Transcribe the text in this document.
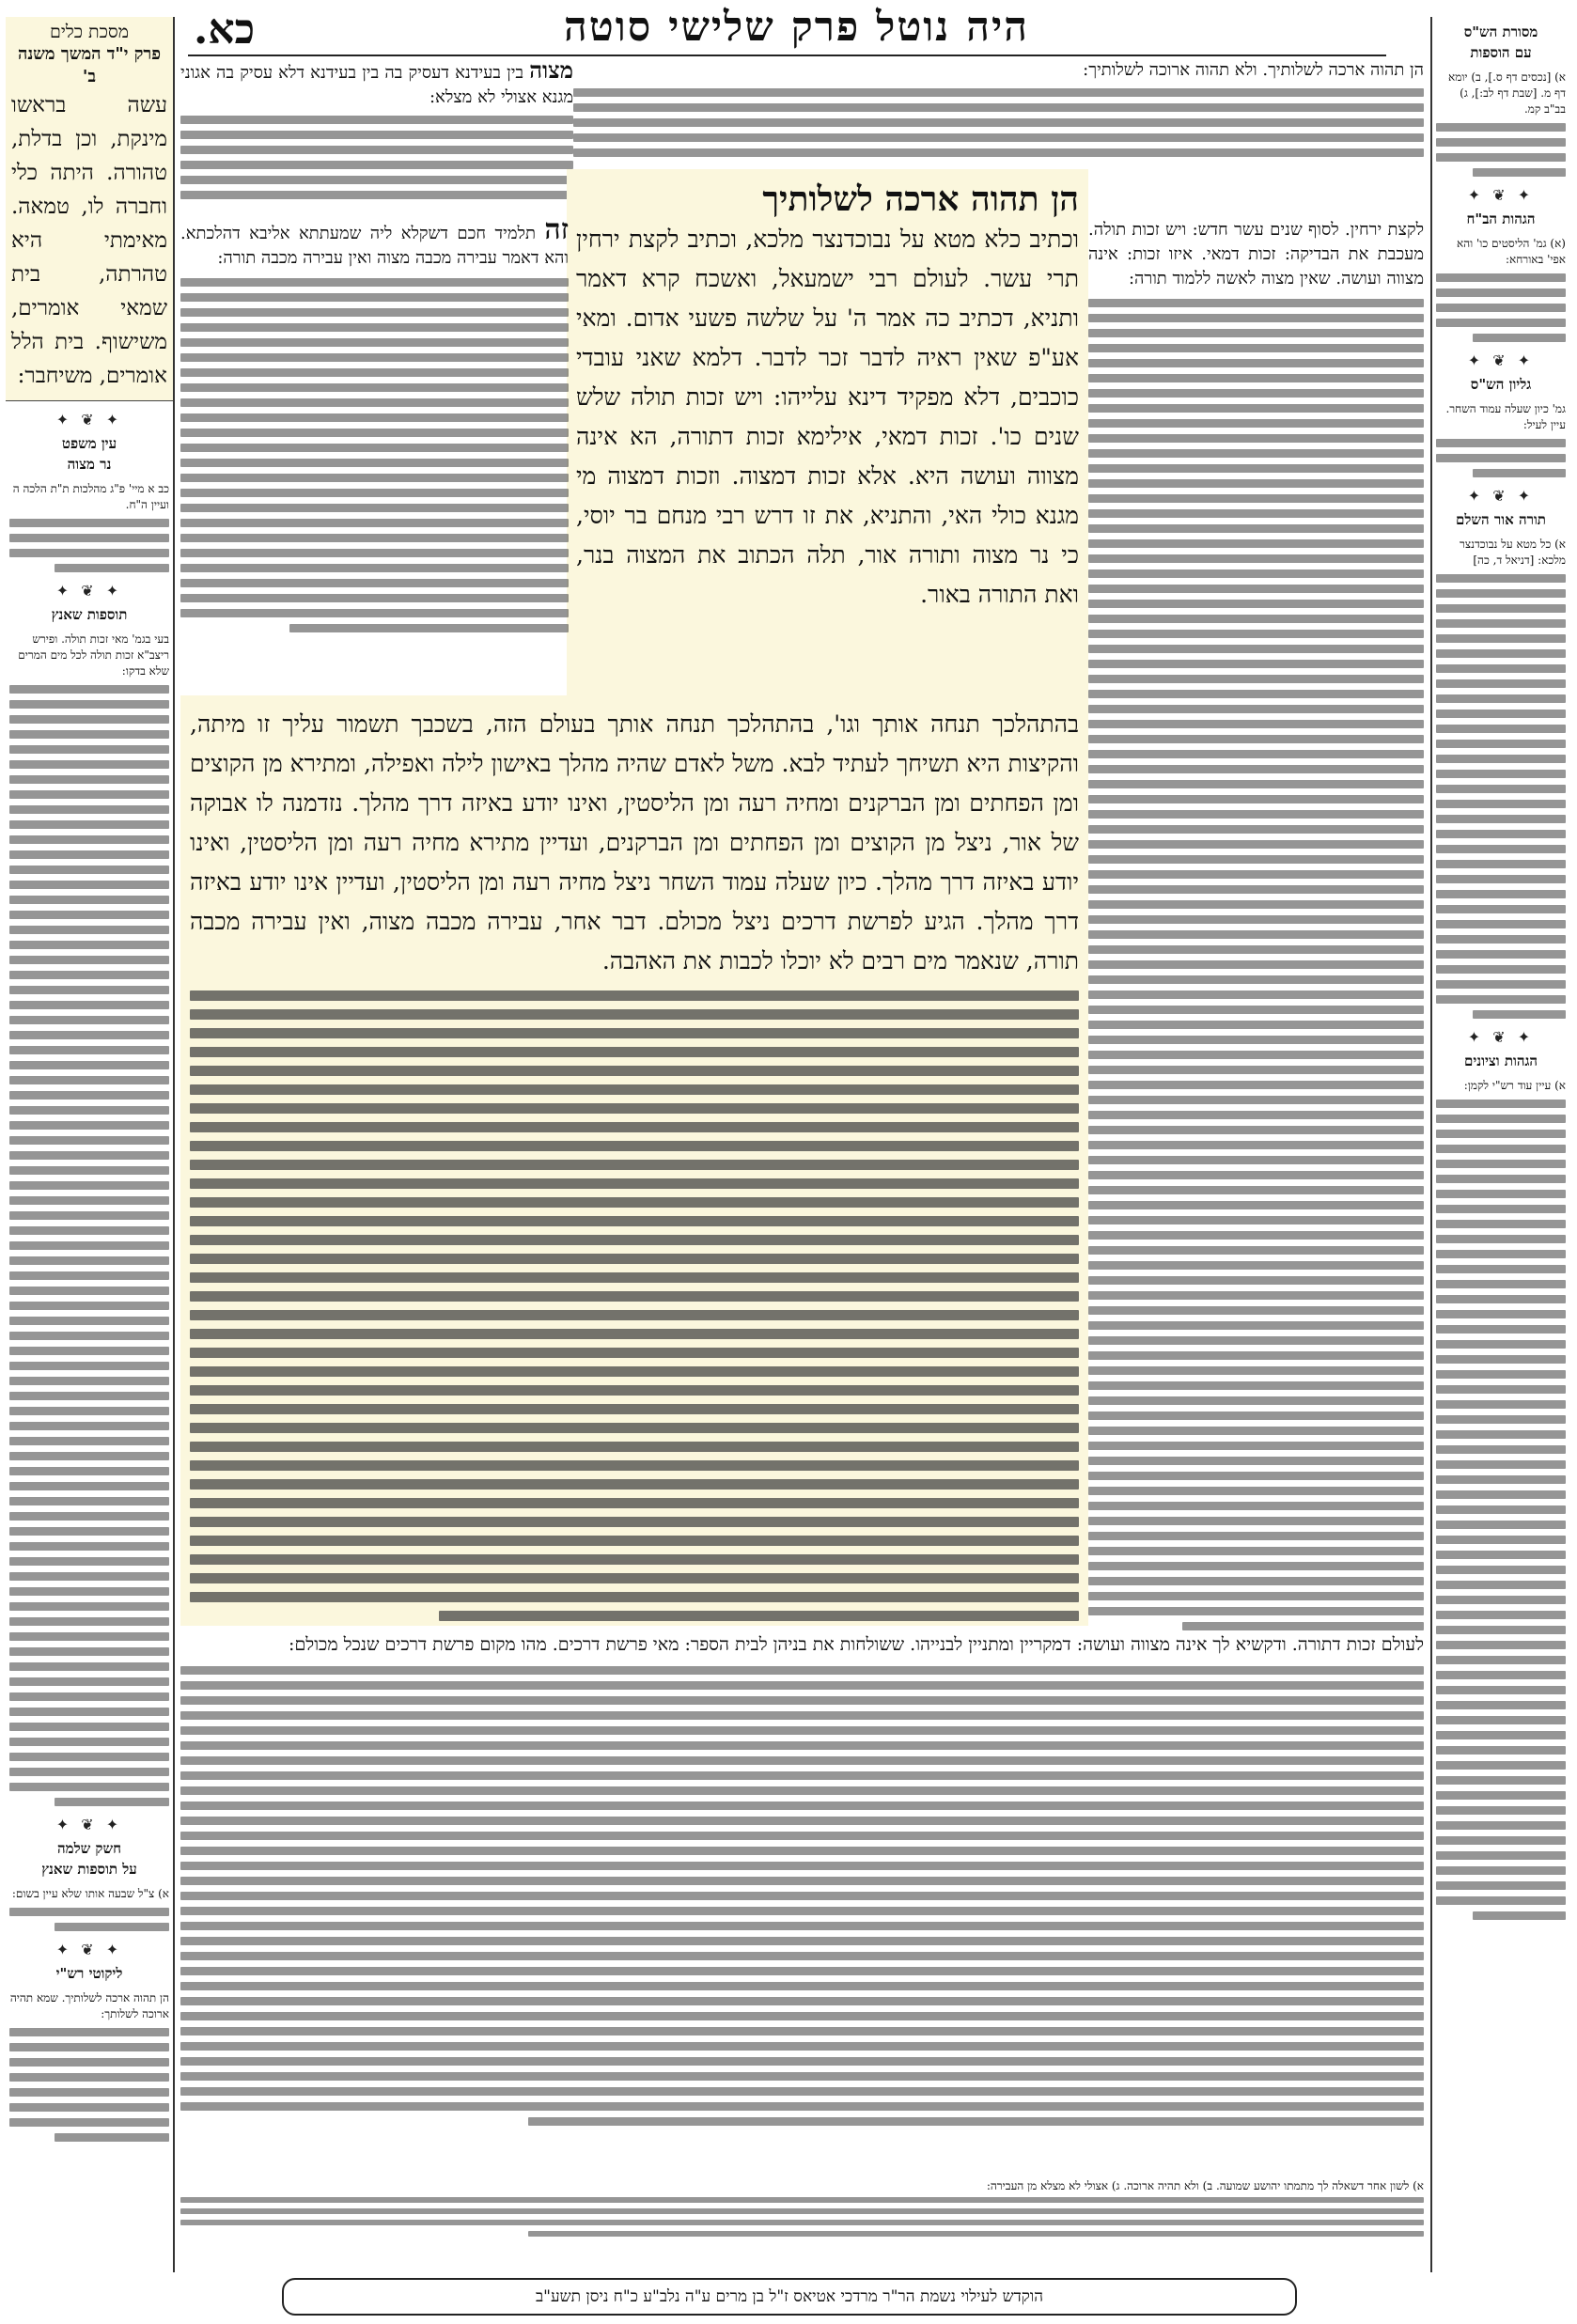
היה נוטל פרק שלישי סוטה
כא.	מסורת הש"ס
עם הוספות
א) [נכסים דף ס.], ב) יומא דף מ. [שבת דף לב:], ג) בב"ב קמ.
✦ ❦ ✦
הגהות הב"ח
(א) גמ' הליסטים כו' והא אפי' באורחא:
✦ ❦ ✦
גליון הש"ס
גמ' כיון שעלה עמוד השחר. עיין לעיל:
✦ ❦ ✦
תורה אור השלם
א) כל מטא על נבוכדנצר מלכא: [דניאל ד, כה]
✦ ❦ ✦
הגהות וציונים
א) עיין עוד רש"י לקמן:
מסכת כלים
פרק י"ד המשך משנה ב'
עשה בראשו מינקת, וכן בדלת, טהורה. היתה כלי וחברה לו, טמאה. מאימתי היא טהרתה, בית שמאי אומרים, משישוף. בית הלל אומרים, משיחבר:
✦ ❦ ✦
עין משפט
נר מצוה
כב א מיי' פ"ג מהלכות ת"ת הלכה ה ועיין ה"ח.
✦ ❦ ✦
תוספות שאנץ
בעי בגמ' מאי זכות תולה. ופירש ריצב"א זכות תולה לכל מים המרים שלא בדקו:
✦ ❦ ✦
חשק שלמה
על תוספות שאנץ
א) צ"ל שבעה אותו שלא עיין בשום:
✦ ❦ ✦
ליקוטי רש"י
הן תהוה ארכה לשלותיך. שמא תהיה ארוכה לשלותך:
הן תהוה ארכה לשלותיך. ולא תהוה ארוכה לשלותיך:
מצוה בין בעידנא דעסיק בה בין בעידנא דלא עסיק בה אגוני מגנא אצולי לא מצלא:
הן תהוה ארכה לשלותיך
וכתיב כלא מטא על נבוכדנצר מלכא, וכתיב לקצת ירחין תרי עשר. לעולם רבי ישמעאל, ואשכח קרא דאמר ותניא, דכתיב כה אמר ה' על שלשה פשעי אדום. ומאי אע"פ שאין ראיה לדבר זכר לדבר. דלמא שאני עובדי כוכבים, דלא מפקיד דינא עלייהו: ויש זכות תולה שלש שנים כו'. זכות דמאי, אילימא זכות דתורה, הא אינה מצווה ועושה היא. אלא זכות דמצוה. וזכות דמצוה מי מגנא כולי האי, והתניא, את זו דרש רבי מנחם בר יוסי, כי נר מצוה ותורה אור, תלה הכתוב את המצוה בנר, ואת התורה באור.
בהתהלכך תנחה אותך וגו', בהתהלכך תנחה אותך בעולם הזה, בשכבך תשמור עליך זו מיתה, והקיצות היא תשיחך לעתיד לבא. משל לאדם שהיה מהלך באישון לילה ואפילה, ומתירא מן הקוצים ומן הפחתים ומן הברקנים ומחיה רעה ומן הליסטין, ואינו יודע באיזה דרך מהלך. נזדמנה לו אבוקה של אור, ניצל מן הקוצים ומן הפחתים ומן הברקנים, ועדיין מתירא מחיה רעה ומן הליסטין, ואינו יודע באיזה דרך מהלך. כיון שעלה עמוד השחר ניצל מחיה רעה ומן הליסטין, ועדיין אינו יודע באיזה דרך מהלך. הגיע לפרשת דרכים ניצל מכולם. דבר אחר, עבירה מכבה מצוה, ואין עבירה מכבה תורה, שנאמר מים רבים לא יוכלו לכבות את האהבה.
לקצת ירחין. לסוף שנים עשר חדש: ויש זכות תולה. מעכבת את הבדיקה: זכות דמאי. איזו זכות: אינה מצווה ועושה. שאין מצוה לאשה ללמוד תורה:
זה תלמיד חכם דשקלא ליה שמעתתא אליבא דהלכתא. והא דאמר עבירה מכבה מצוה ואין עבירה מכבה תורה:
לעולם זכות דתורה. ודקשיא לך אינה מצווה ועושה: דמקריין ומתניין לבנייהו. ששולחות את בניהן לבית הספר: מאי פרשת דרכים. מהו מקום פרשת דרכים שנכל מכולם:
א) לשון אחר דשאלה לך מתמתו יהושע שמועה. ב) ולא תהיה ארוכה. ג) אצולי לא מצלא מן העבירה:
הוקדש לעילוי נשמת הר"ר מרדכי אטיאס ז"ל בן מרים ע"ה נלב"ע כ"ח ניסן תשע"ב
